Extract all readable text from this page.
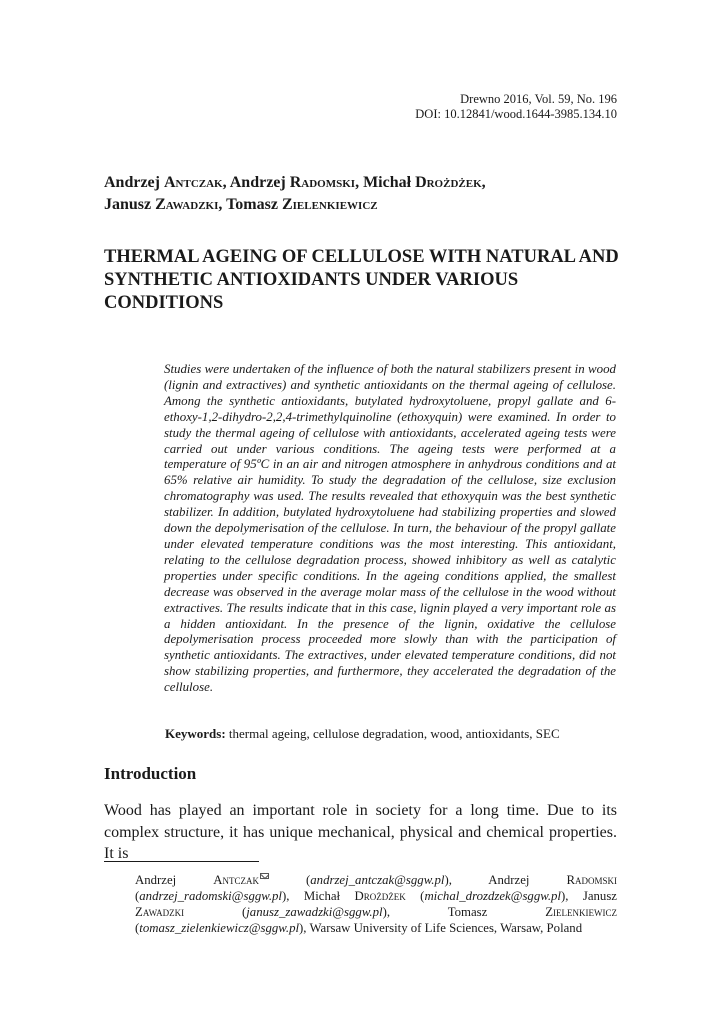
Drewno 2016, Vol. 59, No. 196
DOI: 10.12841/wood.1644-3985.134.10
Andrzej Antczak, Andrzej Radomski, Michał Drożdżek,
Janusz Zawadzki, Tomasz Zielenkiewicz
THERMAL AGEING OF CELLULOSE WITH NATURAL AND SYNTHETIC ANTIOXIDANTS UNDER VARIOUS CONDITIONS
Studies were undertaken of the influence of both the natural stabilizers present in wood (lignin and extractives) and synthetic antioxidants on the thermal ageing of cellulose. Among the synthetic antioxidants, butylated hydroxytoluene, propyl gallate and 6-ethoxy-1,2-dihydro-2,2,4-trimethylquinoline (ethoxyquin) were examined. In order to study the thermal ageing of cellulose with antioxidants, accelerated ageing tests were carried out under various conditions. The ageing tests were performed at a temperature of 95ºC in an air and nitrogen atmosphere in anhydrous conditions and at 65% relative air humidity. To study the degradation of the cellulose, size exclusion chromatography was used. The results revealed that ethoxyquin was the best synthetic stabilizer. In addition, butylated hydroxytoluene had stabilizing properties and slowed down the depolymerisation of the cellulose. In turn, the behaviour of the propyl gallate under elevated temperature conditions was the most interesting. This antioxidant, relating to the cellulose degradation process, showed inhibitory as well as catalytic properties under specific conditions. In the ageing conditions applied, the smallest decrease was observed in the average molar mass of the cellulose in the wood without extractives. The results indicate that in this case, lignin played a very important role as a hidden antioxidant. In the presence of the lignin, oxidative the cellulose depolymerisation process proceeded more slowly than with the participation of synthetic antioxidants. The extractives, under elevated temperature conditions, did not show stabilizing properties, and furthermore, they accelerated the degradation of the cellulose.
Keywords: thermal ageing, cellulose degradation, wood, antioxidants, SEC
Introduction
Wood has played an important role in society for a long time. Due to its complex structure, it has unique mechanical, physical and chemical properties. It is
Andrzej	Antczak (andrzej_antczak@sggw.pl), Andrzej	Radomski (andrzej_radomski@sggw.pl), Michał Drożdżek (michal_drozdzek@sggw.pl), Janusz Zawadzki (janusz_zawadzki@sggw.pl), Tomasz	Zielenkiewicz (tomasz_zielenkiewicz@sggw.pl), Warsaw University of Life Sciences, Warsaw, Poland
